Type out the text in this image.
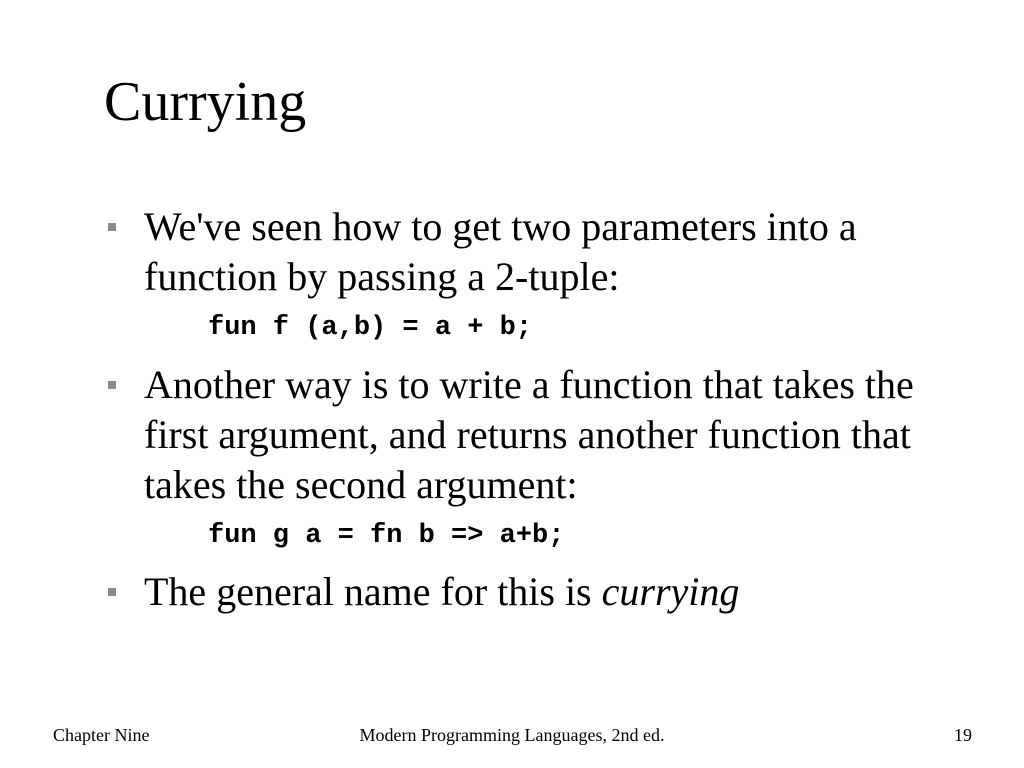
Currying
We've seen how to get two parameters into a function by passing a 2-tuple:
fun f (a,b) = a + b;
Another way is to write a function that takes the first argument, and returns another function that takes the second argument:
fun g a = fn b => a+b;
The general name for this is currying
Chapter Nine	Modern Programming Languages, 2nd ed.	19
